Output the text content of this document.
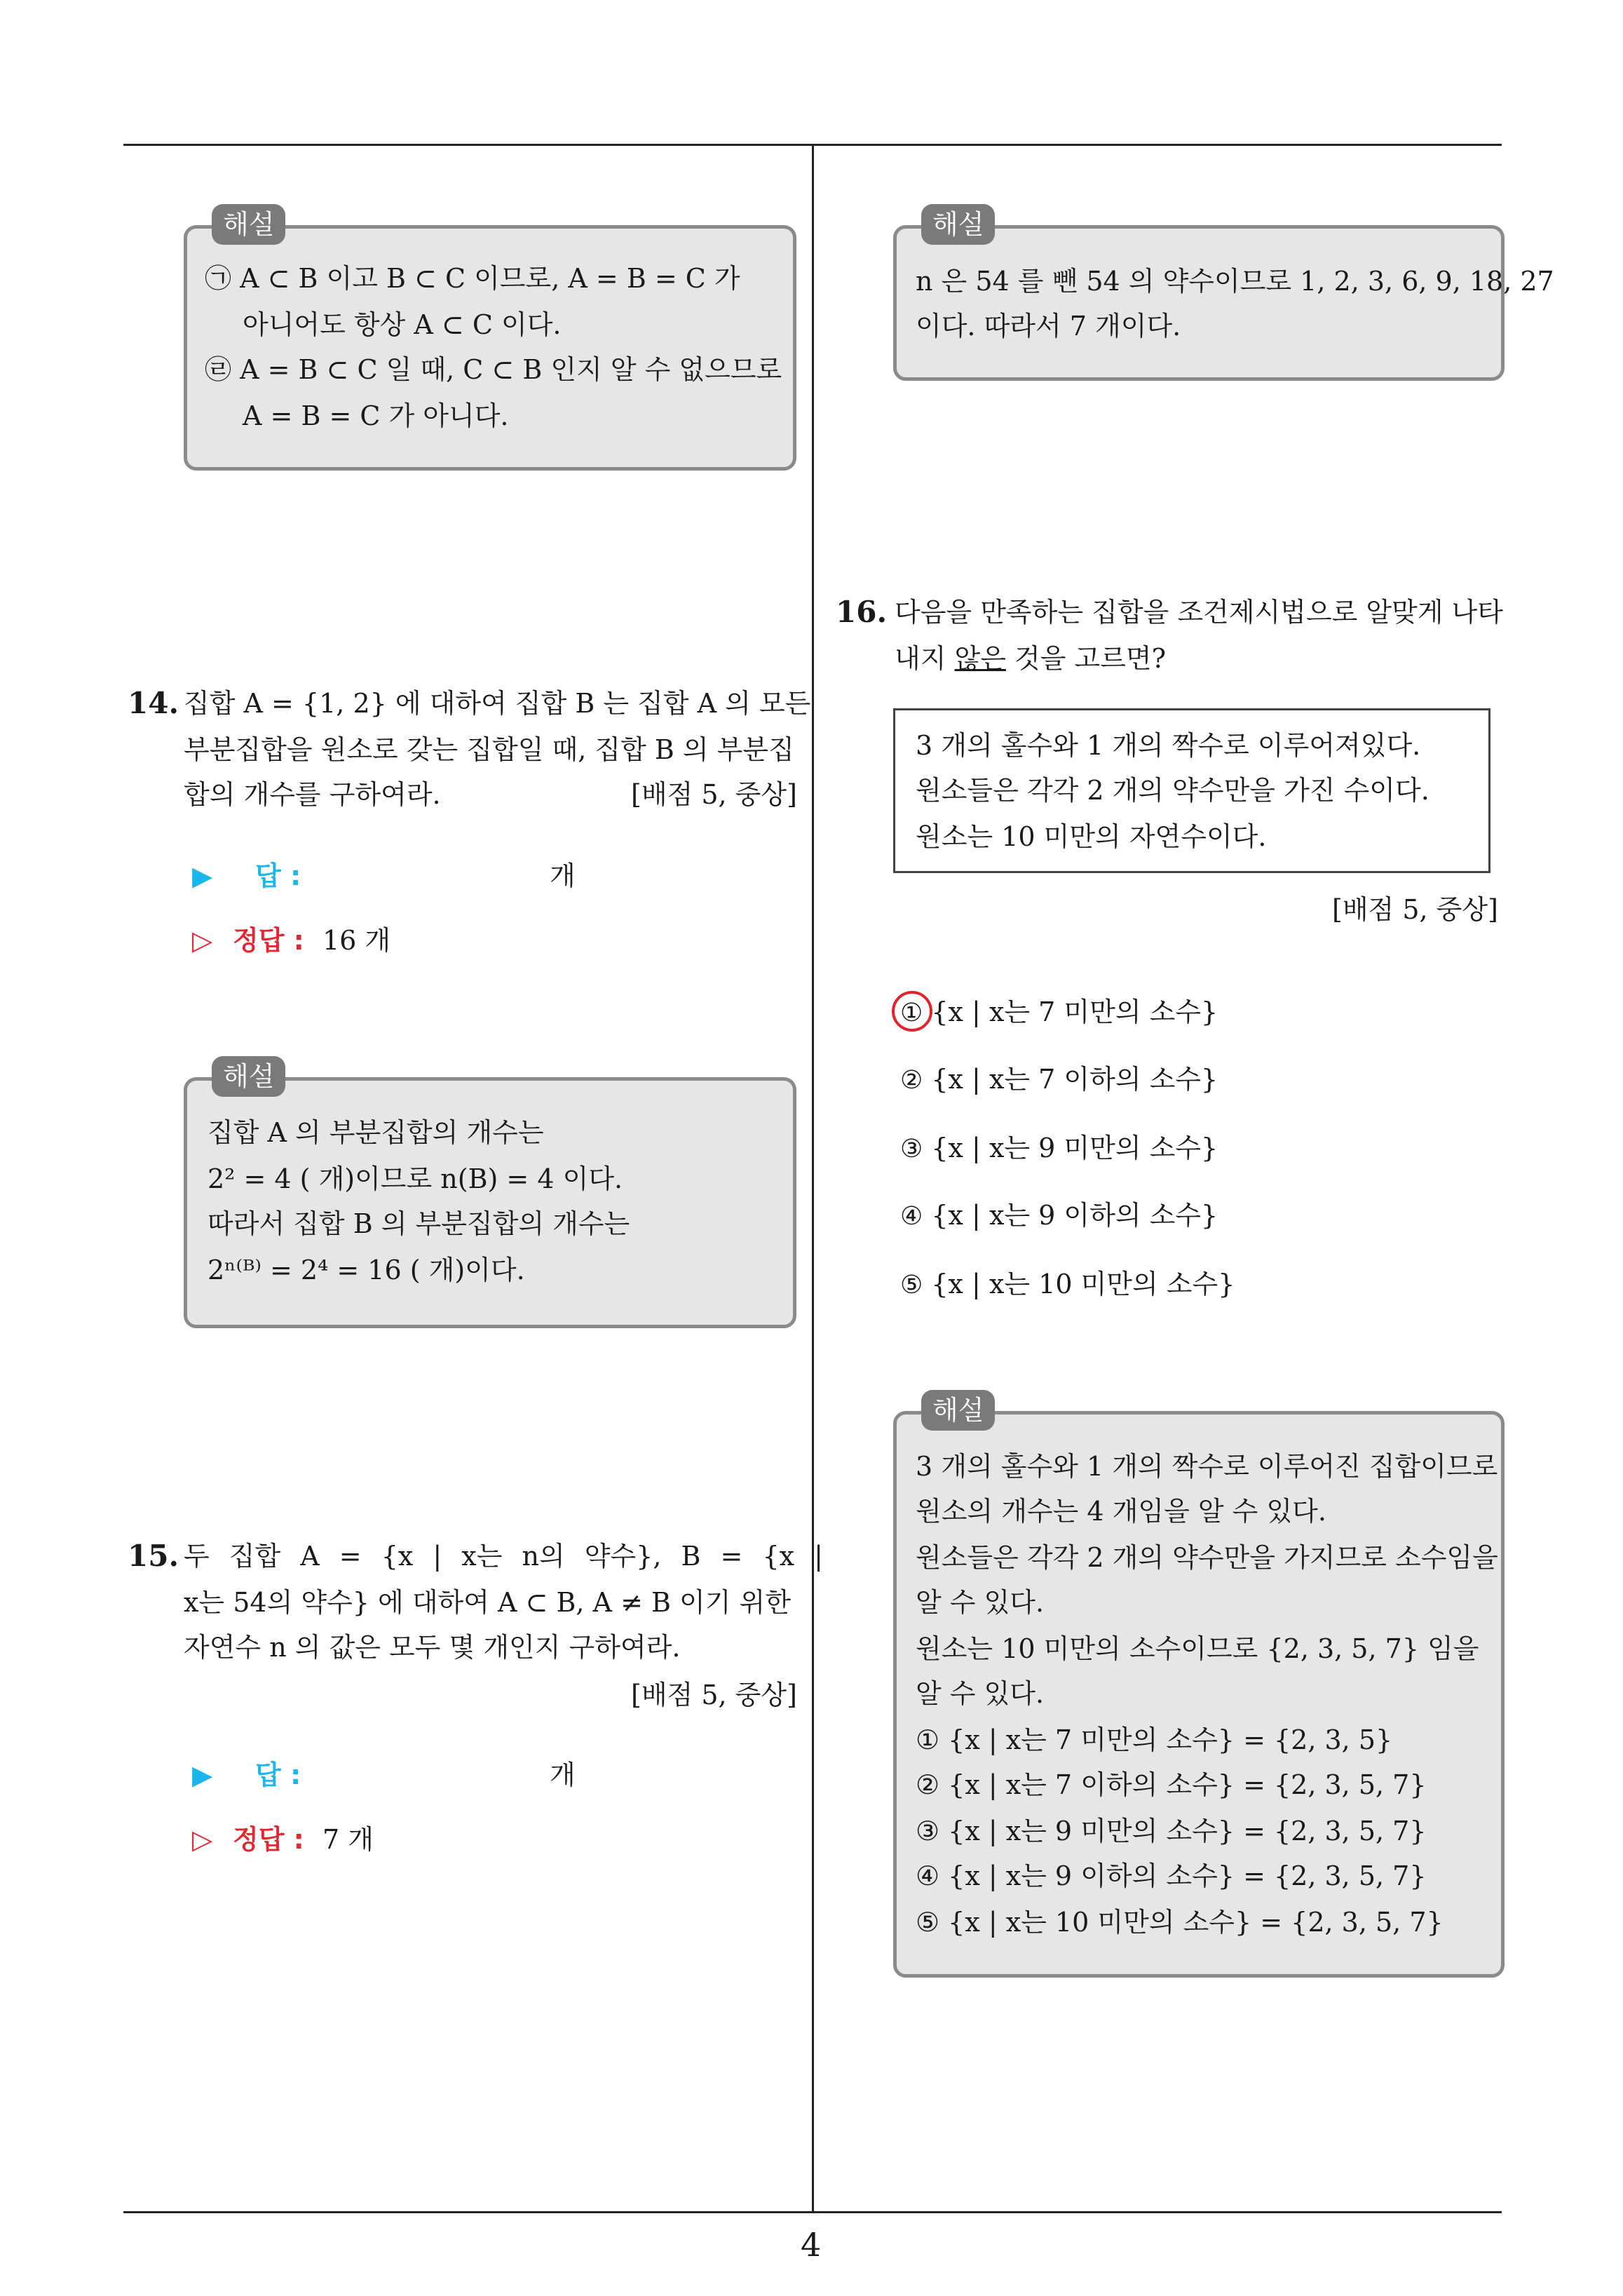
해설
㉠ A ⊂ B 이고 B ⊂ C 이므로, A = B = C 가
아니어도 항상 A ⊂ C 이다.
㉣ A = B ⊂ C 일 때, C ⊂ B 인지 알 수 없으므로
A = B = C 가 아니다.
14. 집합 A = {1, 2} 에 대하여 집합 B 는 집합 A 의 모든
부분집합을 원소로 갖는 집합일 때, 집합 B 의 부분집
합의 개수를 구하여라.	[배점 5, 중상]
▶ 답 :	개
▷ 정답 : 16 개
해설
집합 A 의 부분집합의 개수는
2² = 4 ( 개)이므로 n(B) = 4 이다.
따라서 집합 B 의 부분집합의 개수는
2ⁿ⁽ᴮ⁾ = 2⁴ = 16 ( 개)이다.
15. 두 집합 A = {x | x는 n의 약수}, B = {x |
x는 54의 약수} 에 대하여 A ⊂ B, A ≠ B 이기 위한
자연수 n 의 값은 모두 몇 개인지 구하여라.
[배점 5, 중상]
▶ 답 :	개
▷ 정답 : 7 개
해설
n 은 54 를 뺀 54 의 약수이므로 1, 2, 3, 6, 9, 18, 27
이다. 따라서 7 개이다.
16. 다음을 만족하는 집합을 조건제시법으로 알맞게 나타
내지 않은 것을 고르면?
3 개의 홀수와 1 개의 짝수로 이루어져있다.
원소들은 각각 2 개의 약수만을 가진 수이다.
원소는 10 미만의 자연수이다.
[배점 5, 중상]
① {x | x는 7 미만의 소수}
② {x | x는 7 이하의 소수}
③ {x | x는 9 미만의 소수}
④ {x | x는 9 이하의 소수}
⑤ {x | x는 10 미만의 소수}
해설
3 개의 홀수와 1 개의 짝수로 이루어진 집합이므로
원소의 개수는 4 개임을 알 수 있다.
원소들은 각각 2 개의 약수만을 가지므로 소수임을
알 수 있다.
원소는 10 미만의 소수이므로 {2, 3, 5, 7} 임을
알 수 있다.
① {x | x는 7 미만의 소수} = {2, 3, 5}
② {x | x는 7 이하의 소수} = {2, 3, 5, 7}
③ {x | x는 9 미만의 소수} = {2, 3, 5, 7}
④ {x | x는 9 이하의 소수} = {2, 3, 5, 7}
⑤ {x | x는 10 미만의 소수} = {2, 3, 5, 7}
4
